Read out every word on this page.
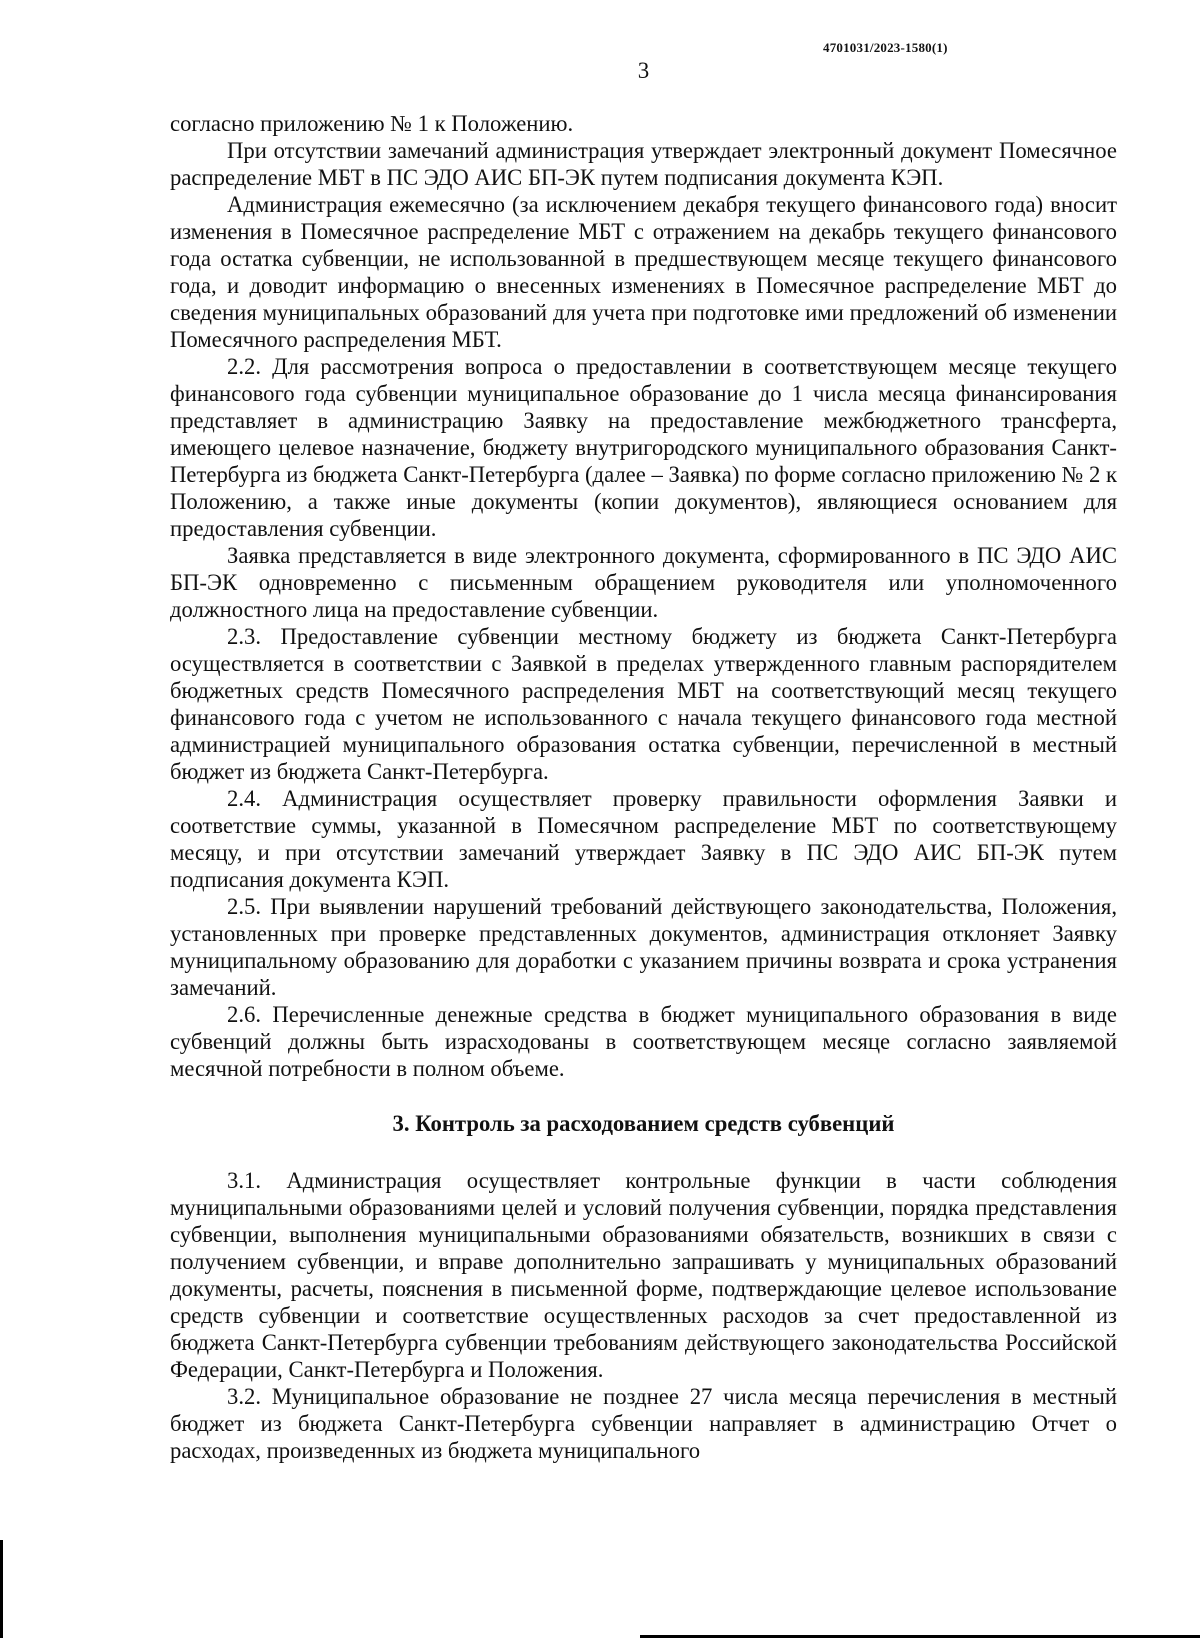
4701031/2023-1580(1)
3

согласно приложению № 1 к Положению.

При отсутствии замечаний администрация утверждает электронный документ Помесячное распределение МБТ в ПС ЭДО АИС БП-ЭК путем подписания документа КЭП.

Администрация ежемесячно (за исключением декабря текущего финансового года) вносит изменения в Помесячное распределение МБТ с отражением на декабрь текущего финансового года остатка субвенции, не использованной в предшествующем месяце текущего финансового года, и доводит информацию о внесенных изменениях в Помесячное распределение МБТ до сведения муниципальных образований для учета при подготовке ими предложений об изменении Помесячного распределения МБТ.

2.2. Для рассмотрения вопроса о предоставлении в соответствующем месяце текущего финансового года субвенции муниципальное образование до 1 числа месяца финансирования представляет в администрацию Заявку на предоставление межбюджетного трансферта, имеющего целевое назначение, бюджету внутригородского муниципального образования Санкт-Петербурга из бюджета Санкт-Петербурга (далее – Заявка) по форме согласно приложению № 2 к Положению, а также иные документы (копии документов), являющиеся основанием для предоставления субвенции.

Заявка представляется в виде электронного документа, сформированного в ПС ЭДО АИС БП-ЭК одновременно с письменным обращением руководителя или уполномоченного должностного лица на предоставление субвенции.

2.3. Предоставление субвенции местному бюджету из бюджета Санкт-Петербурга осуществляется в соответствии с Заявкой в пределах утвержденного главным распорядителем бюджетных средств Помесячного распределения МБТ на соответствующий месяц текущего финансового года с учетом не использованного с начала текущего финансового года местной администрацией муниципального образования остатка субвенции, перечисленной в местный бюджет из бюджета Санкт-Петербурга.

2.4. Администрация осуществляет проверку правильности оформления Заявки и соответствие суммы, указанной в Помесячном распределение МБТ по соответствующему месяцу, и при отсутствии замечаний утверждает Заявку в ПС ЭДО АИС БП-ЭК путем подписания документа КЭП.

2.5. При выявлении нарушений требований действующего законодательства, Положения, установленных при проверке представленных документов, администрация отклоняет Заявку муниципальному образованию для доработки с указанием причины возврата и срока устранения замечаний.

2.6. Перечисленные денежные средства в бюджет муниципального образования в виде субвенций должны быть израсходованы в соответствующем месяце согласно заявляемой месячной потребности в полном объеме.

3. Контроль за расходованием средств субвенций

3.1. Администрация осуществляет контрольные функции в части соблюдения муниципальными образованиями целей и условий получения субвенции, порядка представления субвенции, выполнения муниципальными образованиями обязательств, возникших в связи с получением субвенции, и вправе дополнительно запрашивать у муниципальных образований документы, расчеты, пояснения в письменной форме, подтверждающие целевое использование средств субвенции и соответствие осуществленных расходов за счет предоставленной из бюджета Санкт-Петербурга субвенции требованиям действующего законодательства Российской Федерации, Санкт-Петербурга и Положения.

3.2. Муниципальное образование не позднее 27 числа месяца перечисления в местный бюджет из бюджета Санкт-Петербурга субвенции направляет в администрацию Отчет о расходах, произведенных из бюджета муниципального
